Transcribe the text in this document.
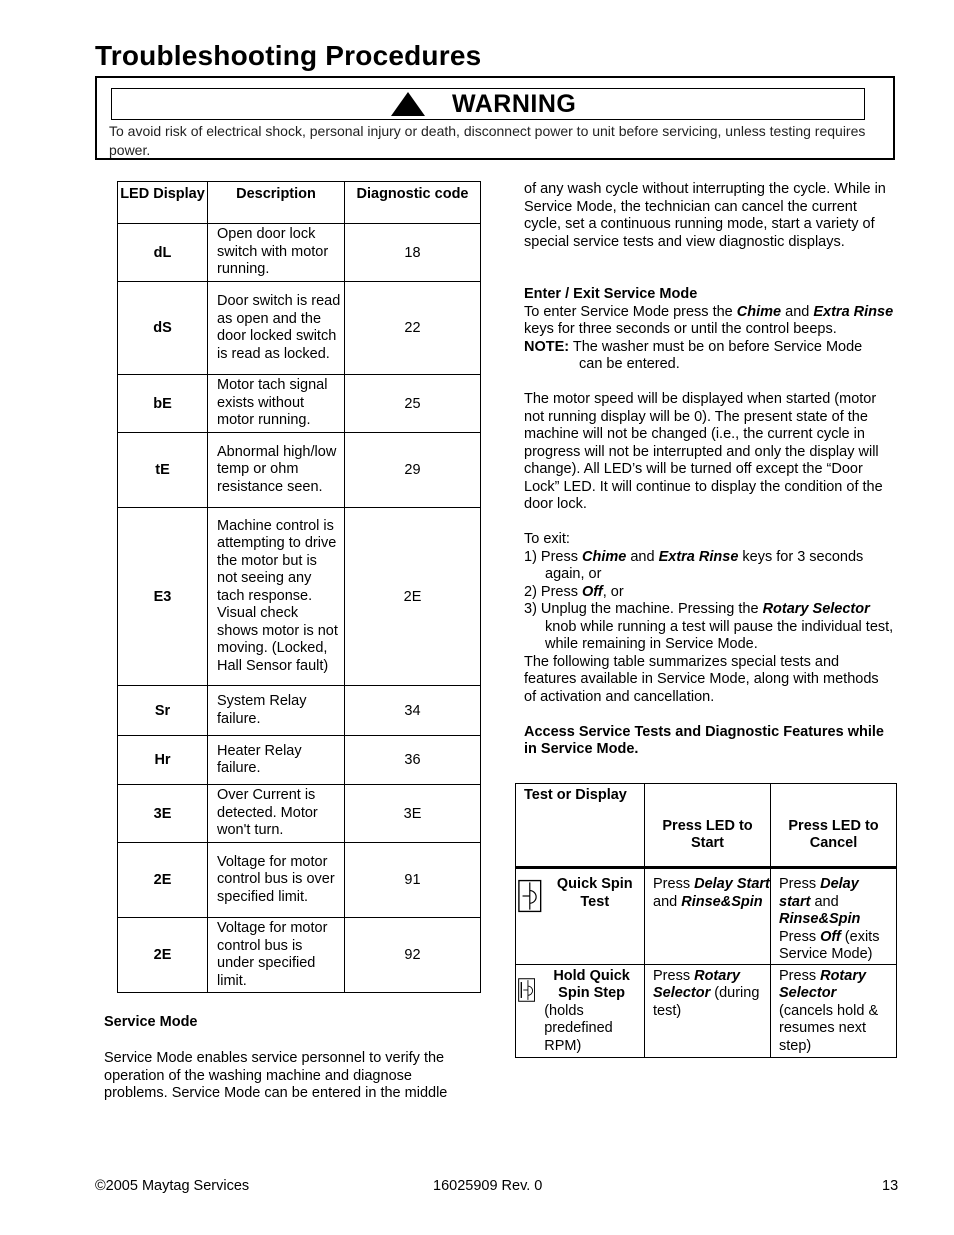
Troubleshooting Procedures
WARNING
To avoid risk of electrical shock, personal injury or death, disconnect power to unit before servicing, unless testing requires power.
LED Display	Description	Diagnostic code
dL	Open door lock switch with motor running.	18
dS	Door switch is read as open and the door locked switch is read as locked.	22
bE	Motor tach signal exists without motor running.	25
tE	Abnormal high/low temp or ohm resistance seen.	29
E3	Machine control is attempting to drive the motor but is not seeing any tach response. Visual check shows motor is not moving. (Locked, Hall Sensor fault)	2E
Sr	System Relay failure.	34
Hr	Heater Relay failure.	36
3E	Over Current is detected. Motor won't turn.	3E
2E	Voltage for motor control bus is over specified limit.	91
2E	Voltage for motor control bus is under specified limit.	92
Service Mode
Service Mode enables service personnel to verify the operation of the washing machine and diagnose problems. Service Mode can be entered in the middle

of any wash cycle without interrupting the cycle. While in Service Mode, the technician can cancel the current cycle, set a continuous running mode, start a variety of special service tests and view diagnostic displays.

Enter / Exit Service Mode

To enter Service Mode press the Chime and Extra Rinse keys for three seconds or until the control beeps.

NOTE: The washer must be on before Service Mode

can be entered.

The motor speed will be displayed when started (motor not running display will be 0). The present state of the machine will not be changed (i.e., the current cycle in progress will not be interrupted and only the display will change). All LED’s will be turned off except the “Door Lock” LED. It will continue to display the condition of the door lock.

To exit:

1) Press Chime and Extra Rinse keys for 3 seconds again, or

2) Press Off, or

3) Unplug the machine. Pressing the Rotary Selector knob while running a test will pause the individual test, while remaining in Service Mode.

The following table summarizes special tests and features available in Service Mode, along with methods of activation and cancellation.

Access Service Tests and Diagnostic Features while in Service Mode.

Test or Display	Press LED to Start	Press LED to Cancel

Quick Spin Test	Press Delay Start and Rinse&Spin	Press Delay start and Rinse&Spin
Press Off (exits Service Mode)

Hold Quick Spin Step
(holds predefined RPM)	Press Rotary Selector (during test)	Press Rotary Selector (cancels hold & resumes next step)
©2005 Maytag Services	16025909 Rev. 0	13
